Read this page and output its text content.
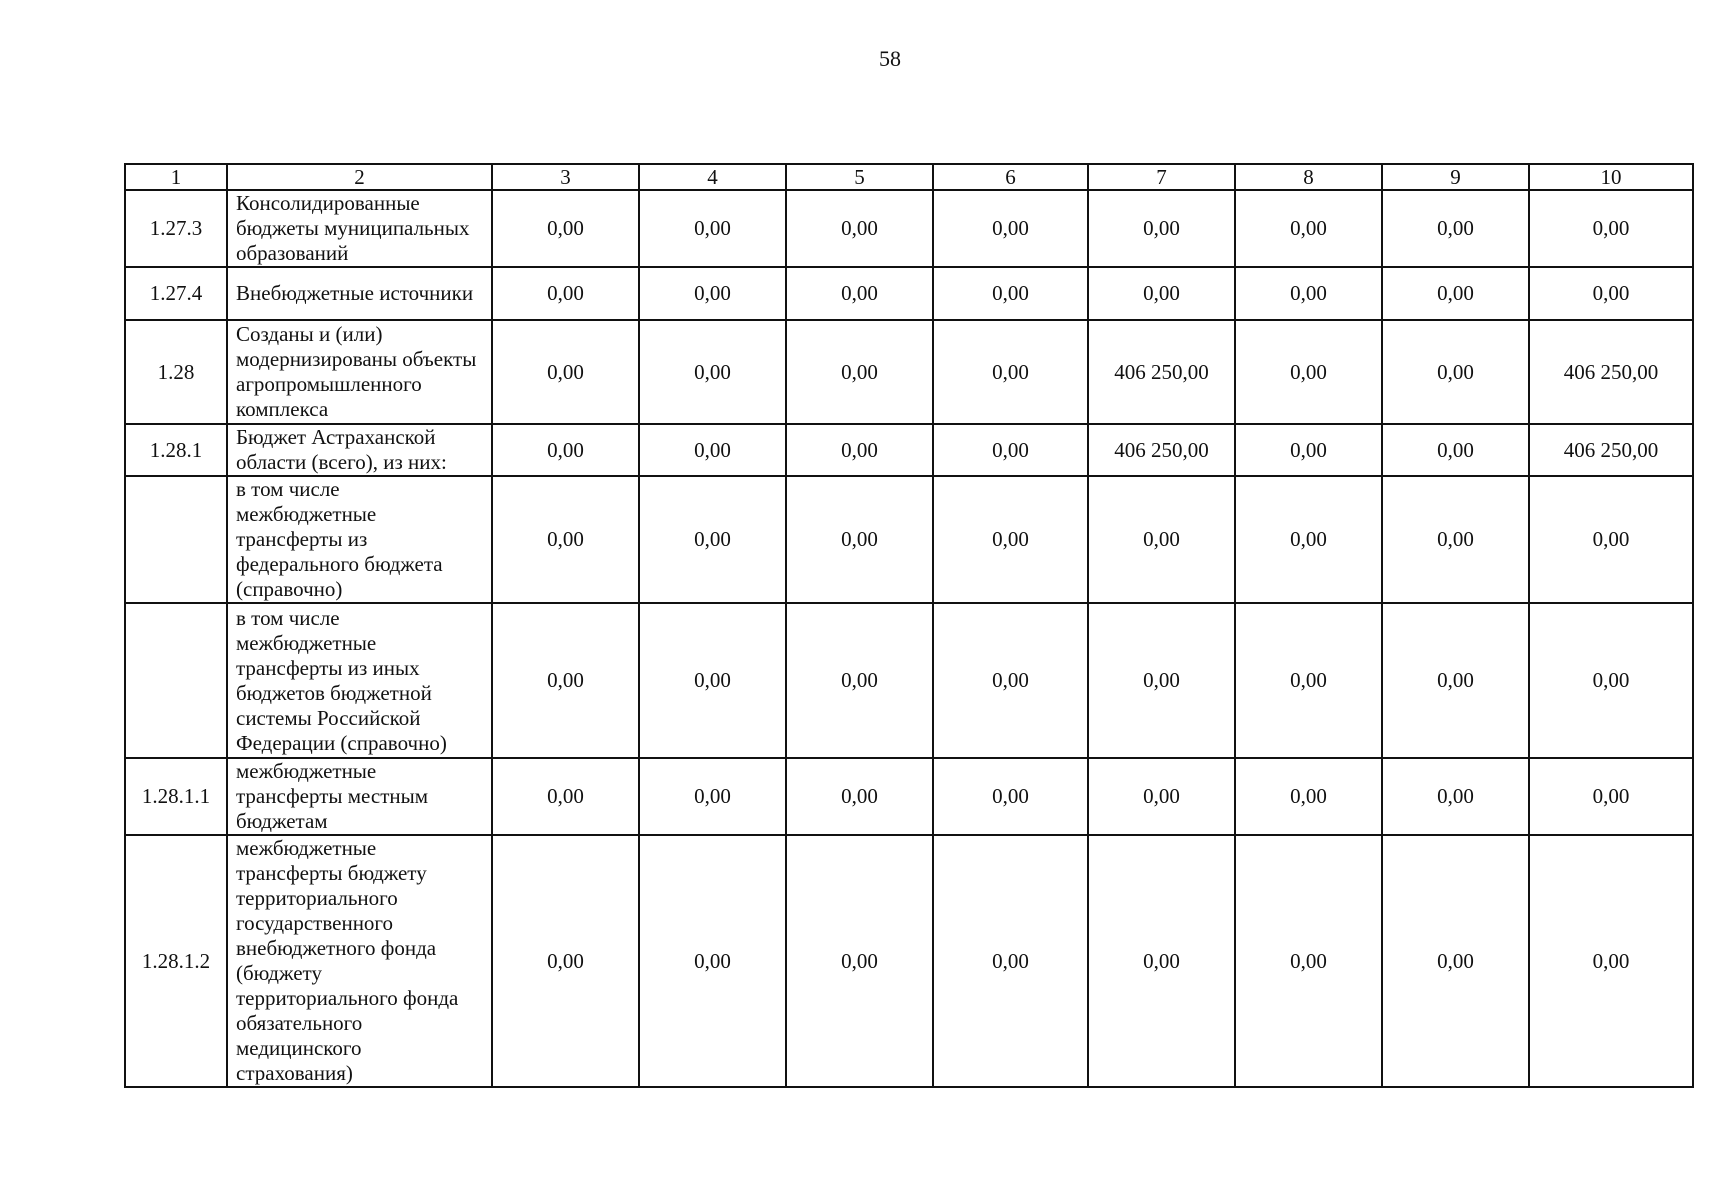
58
1	2	3	4	5	6	7	8	9	10
1.27.3	Консолидированные бюджеты муниципальных образований	0,00	0,00	0,00	0,00	0,00	0,00	0,00	0,00
1.27.4	Внебюджетные источники	0,00	0,00	0,00	0,00	0,00	0,00	0,00	0,00
1.28	Созданы и (или) модернизированы объекты агропромышленного комплекса	0,00	0,00	0,00	0,00	406 250,00	0,00	0,00	406 250,00
1.28.1	Бюджет Астраханской области (всего), из них:	0,00	0,00	0,00	0,00	406 250,00	0,00	0,00	406 250,00
	в том числе межбюджетные трансферты из федерального бюджета (справочно)	0,00	0,00	0,00	0,00	0,00	0,00	0,00	0,00
	в том числе межбюджетные трансферты из иных бюджетов бюджетной системы Российской Федерации (справочно)	0,00	0,00	0,00	0,00	0,00	0,00	0,00	0,00
1.28.1.1	межбюджетные трансферты местным бюджетам	0,00	0,00	0,00	0,00	0,00	0,00	0,00	0,00
1.28.1.2	межбюджетные трансферты бюджету территориального государственного внебюджетного фонда (бюджету территориального фонда обязательного медицинского страхования)	0,00	0,00	0,00	0,00	0,00	0,00	0,00	0,00
